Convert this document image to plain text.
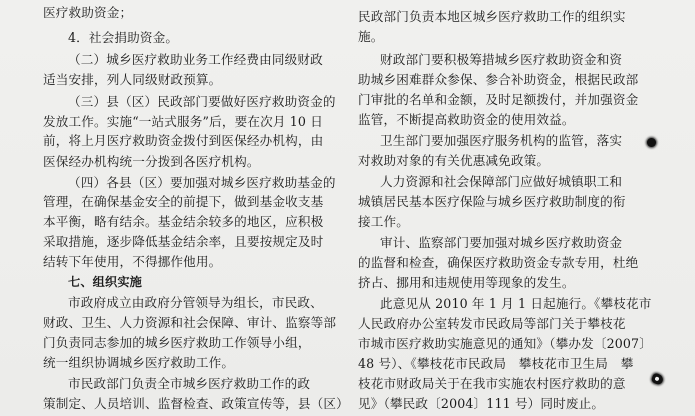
医疗救助资金；
4．社会捐助资金。
（二）城乡医疗救助业务工作经费由同级财政
适当安排，列人同级财政预算。
（三）县（区）民政部门要做好医疗救助资金的
发放工作。实施“一站式服务”后，要在次月 10 日
前，将上月医疗救助资金拨付到医保经办机构，由
医保经办机构统一分拨到各医疗机构。
（四）各县（区）要加强对城乡医疗救助基金的
管理，在确保基金安全的前提下，做到基金收支基
本平衡，略有结余。基金结余较多的地区，应积极
采取措施，逐步降低基金结余率，且要按规定及时
结转下年使用，不得挪作他用。
七、组织实施
市政府成立由政府分管领导为组长，市民政、
财政、卫生、人力资源和社会保障、审计、监察等部
门负责同志参加的城乡医疗救助工作领导小组，
统一组织协调城乡医疗救助工作。
市民政部门负责全市城乡医疗救助工作的政
策制定、人员培训、监督检查、政策宣传等，县（区）
民政部门负责本地区城乡医疗救助工作的组织实
施。
财政部门要积极筹措城乡医疗救助资金和资
助城乡困难群众参保、参合补助资金，根据民政部
门审批的名单和金额，及时足额拨付，并加强资金
监管，不断提高救助资金的使用效益。
卫生部门要加强医疗服务机构的监管，落实
对救助对象的有关优惠减免政策。
人力资源和社会保障部门应做好城镇职工和
城镇居民基本医疗保险与城乡医疗救助制度的衔
接工作。
审计、监察部门要加强对城乡医疗救助资金
的监督和检查，确保医疗救助资金专款专用，杜绝
挤占、挪用和违规使用等现象的发生。
此意见从 2010 年 1 月 1 日起施行。《攀枝花市
人民政府办公室转发市民政局等部门关于攀枝花
市城市医疗救助实施意见的通知》（攀办发〔2007〕
48 号）、《攀枝花市民政局　攀枝花市卫生局　攀
枝花市财政局关于在我市实施农村医疗救助的意
见》（攀民政〔2004〕111 号）同时废止。
